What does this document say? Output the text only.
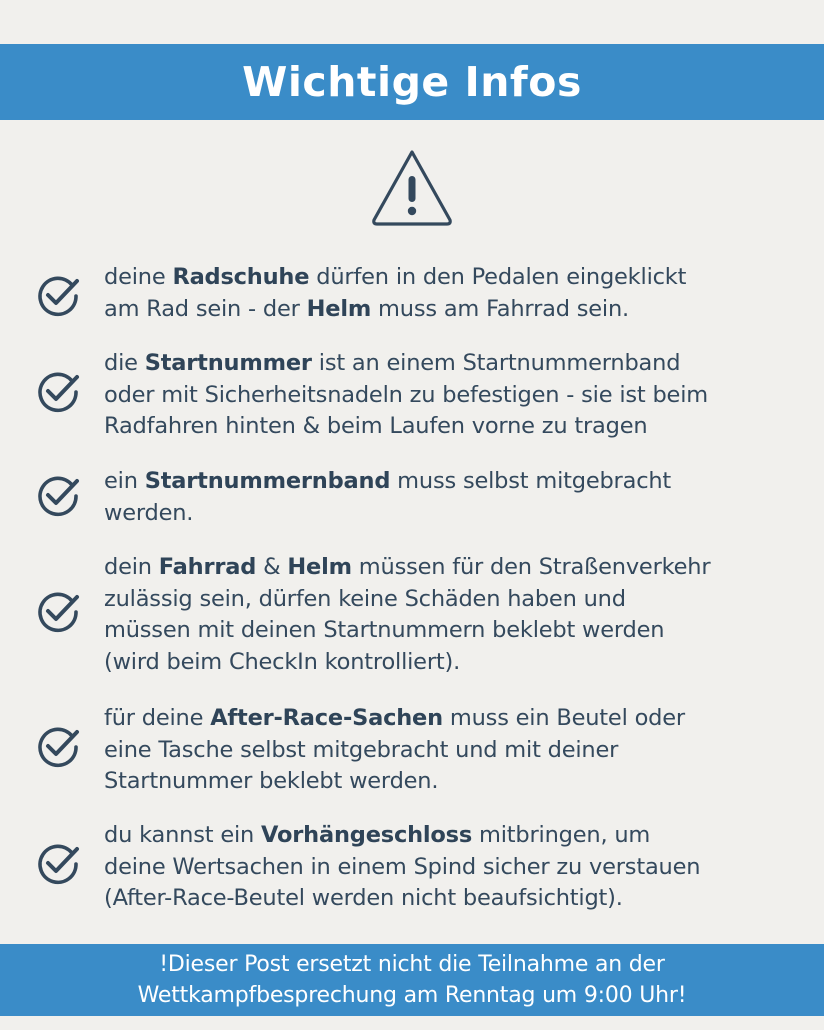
Wichtige Infos
deine Radschuhe dürfen in den Pedalen eingeklickt
am Rad sein - der Helm muss am Fahrrad sein.
die Startnummer ist an einem Startnummernband
oder mit Sicherheitsnadeln zu befestigen - sie ist beim
Radfahren hinten & beim Laufen vorne zu tragen
ein Startnummernband muss selbst mitgebracht
werden.
dein Fahrrad & Helm müssen für den Straßenverkehr
zulässig sein, dürfen keine Schäden haben und
müssen mit deinen Startnummern beklebt werden
(wird beim CheckIn kontrolliert).
für deine After-Race-Sachen muss ein Beutel oder
eine Tasche selbst mitgebracht und mit deiner
Startnummer beklebt werden.
du kannst ein Vorhängeschloss mitbringen, um
deine Wertsachen in einem Spind sicher zu verstauen
(After-Race-Beutel werden nicht beaufsichtigt).
!Dieser Post ersetzt nicht die Teilnahme an der
Wettkampfbesprechung am Renntag um 9:00 Uhr!
